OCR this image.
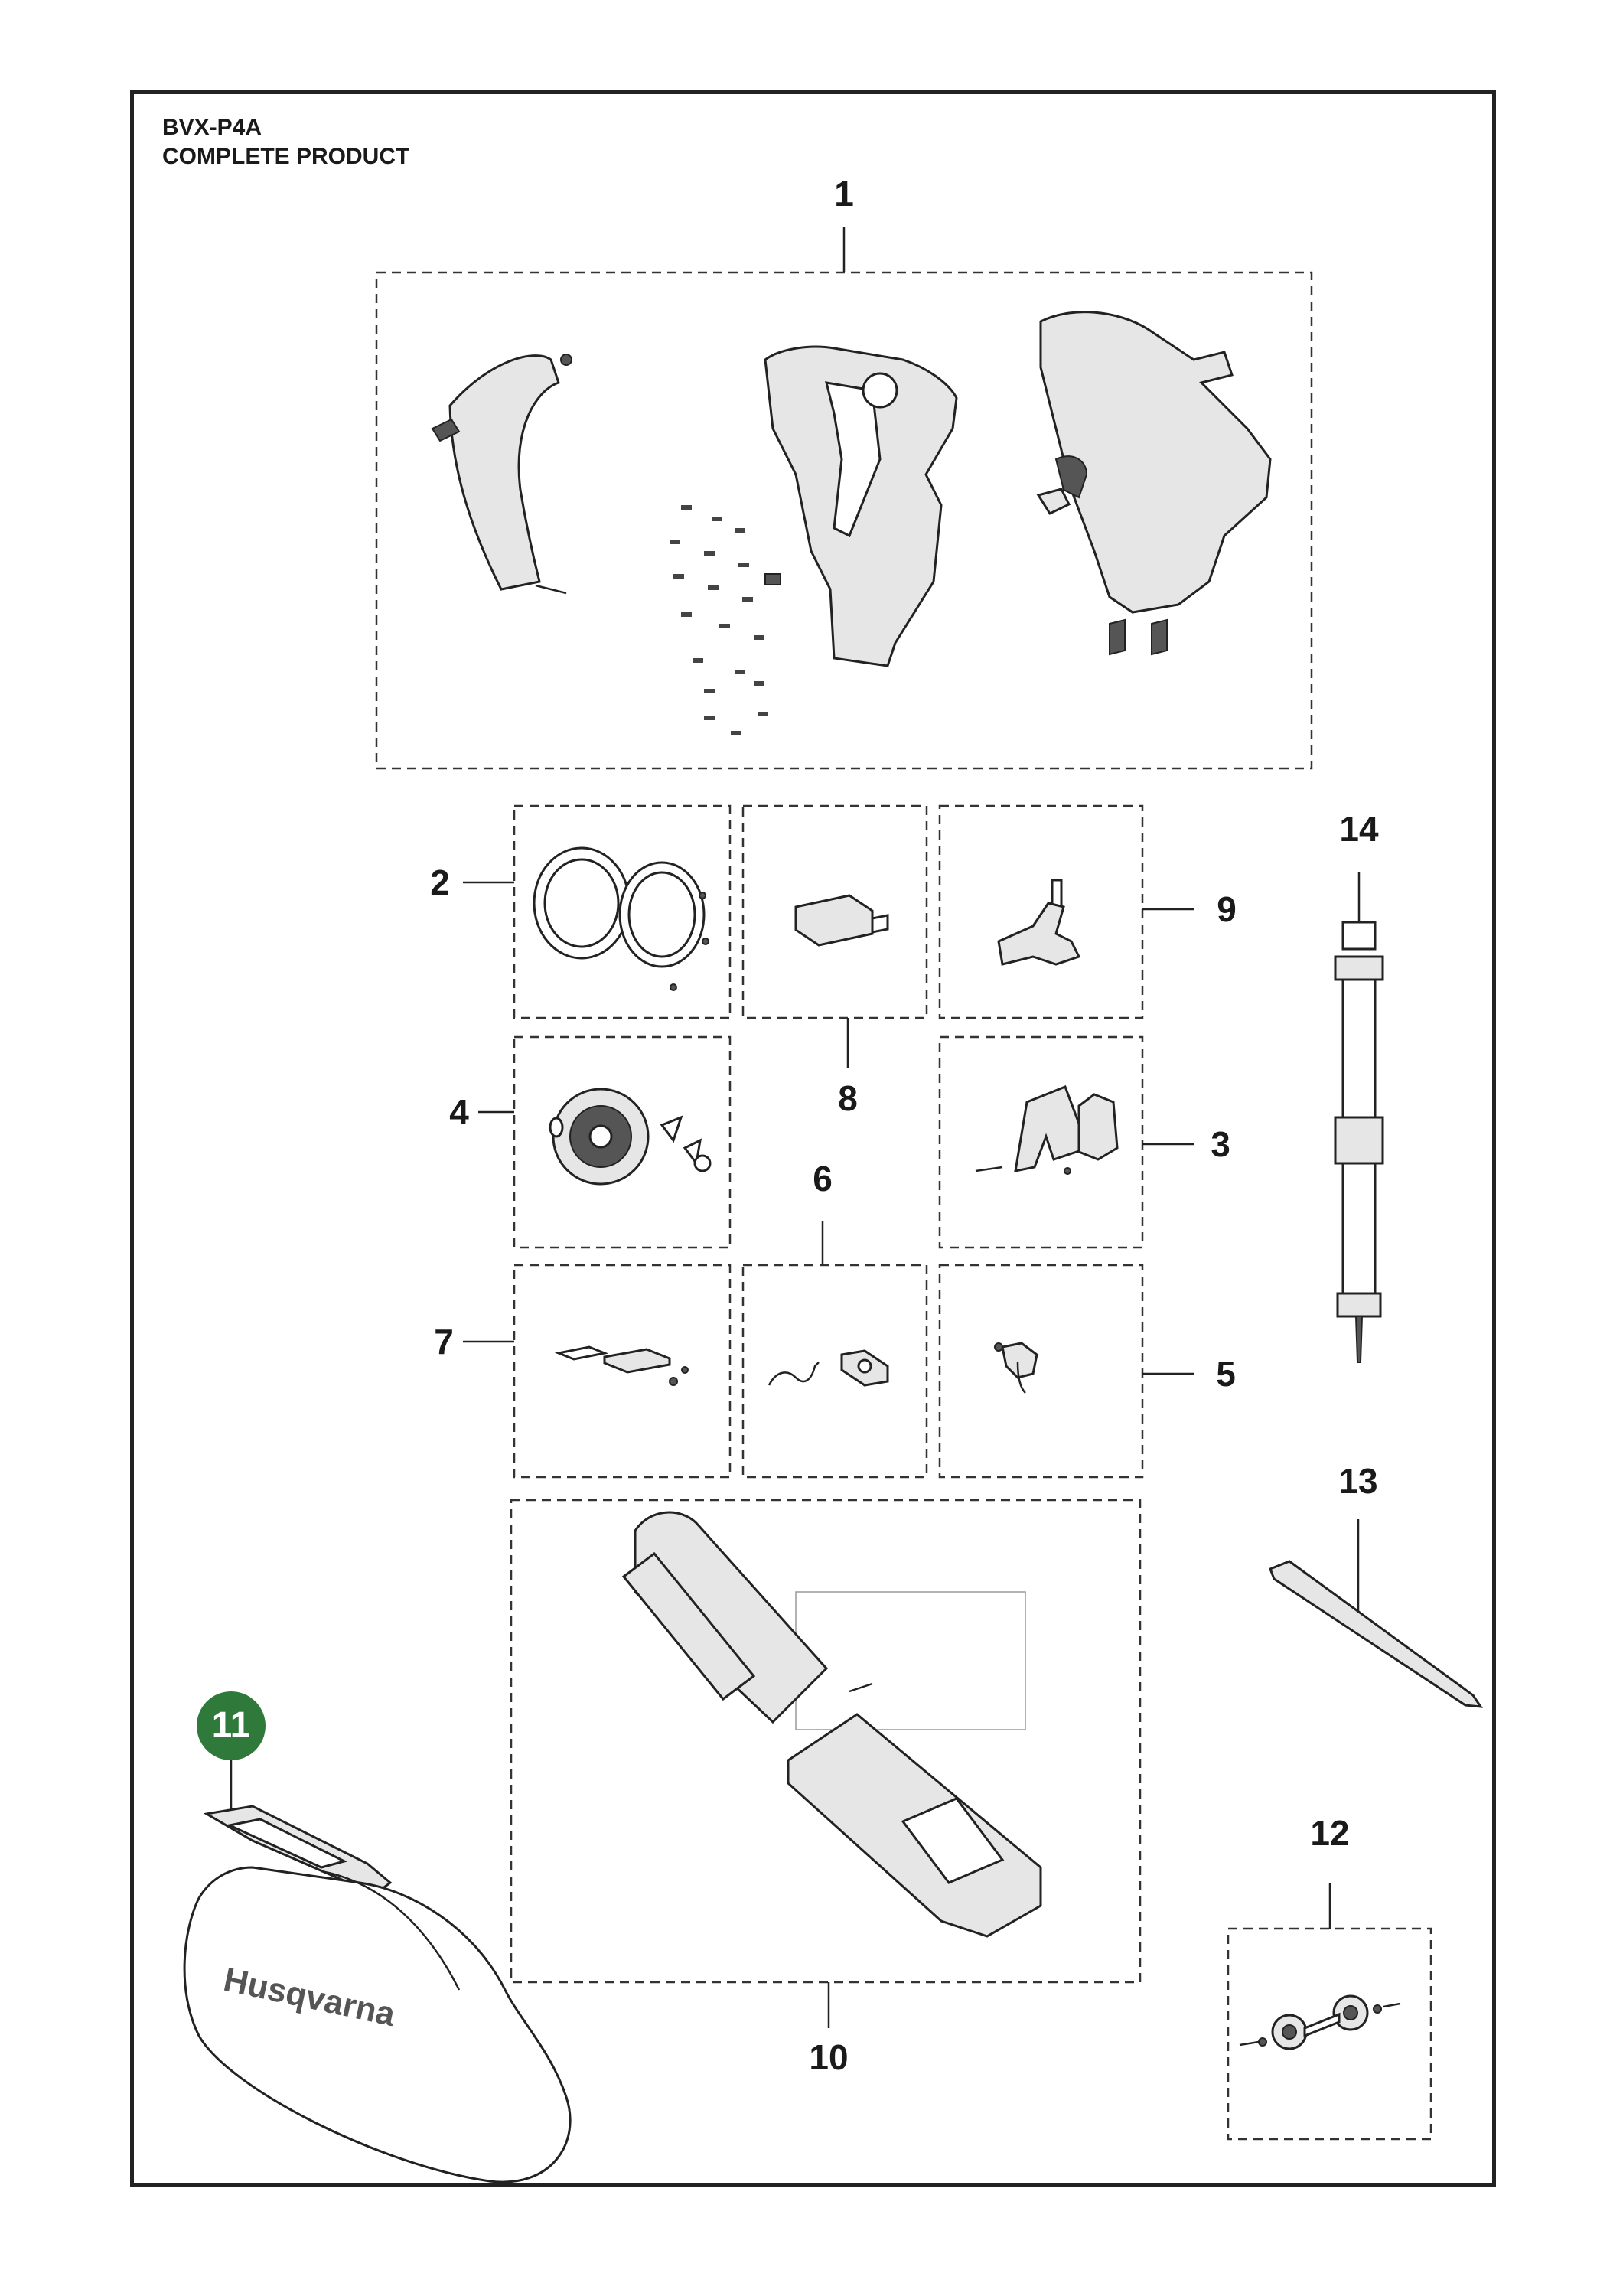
BVX-P4A
COMPLETE PRODUCT
Husqvarna
1
2
3
4
5
6
7
8
9
10
11
12
13
14
